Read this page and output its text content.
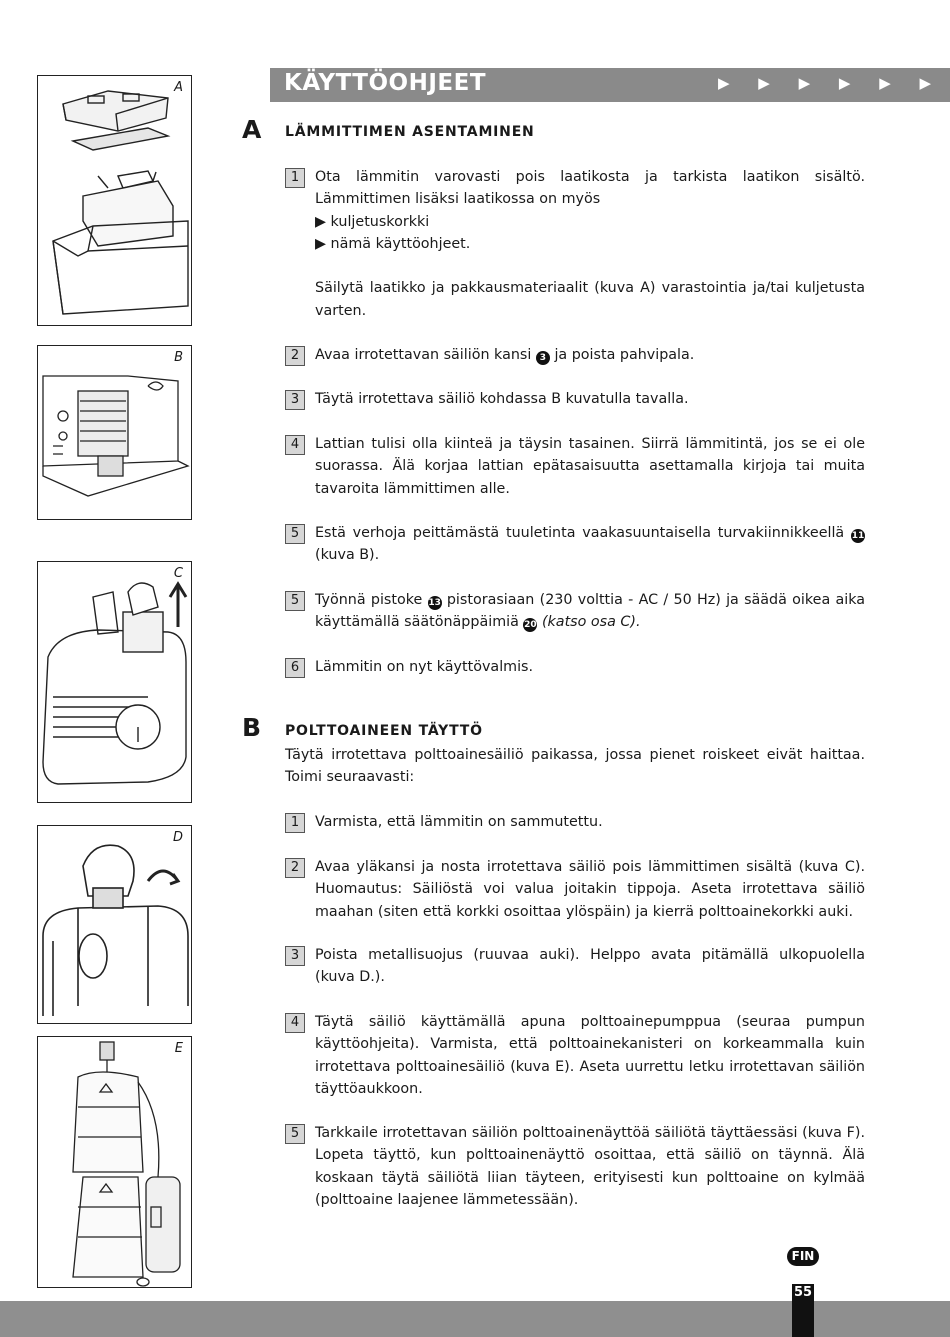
A
B
C
D
E
KÄYTTÖOHJEET	▶ ▶ ▶ ▶ ▶ ▶
A LÄMMITTIMEN ASENTAMINEN
1	Ota lämmitin varovasti pois laatikosta ja tarkista laatikon sisältö. Lämmittimen lisäksi laatikossa on myös
▶ kuljetuskorkki
▶ nämä käyttöohjeet.
Säilytä laatikko ja pakkausmateriaalit (kuva A) varastointia ja/tai kuljetusta varten.
2	Avaa irrotettavan säiliön kansi 3 ja poista pahvipala.
3	Täytä irrotettava säiliö kohdassa B kuvatulla tavalla.
4	Lattian tulisi olla kiinteä ja täysin tasainen. Siirrä lämmitintä, jos se ei ole suorassa. Älä korjaa lattian epätasaisuutta asettamalla kirjoja tai muita tavaroita lämmittimen alle.
5	Estä verhoja peittämästä tuuletinta vaakasuuntaisella turvakiinnikkeellä 11 (kuva B).
5	Työnnä pistoke 13 pistorasiaan (230 volttia - AC / 50 Hz) ja säädä oikea aika käyttämällä säätönäppäimiä 20 (katso osa C).
6	Lämmitin on nyt käyttövalmis.
B POLTTOAINEEN TÄYTTÖ
Täytä irrotettava polttoainesäiliö paikassa, jossa pienet roiskeet eivät haittaa. Toimi seuraavasti:
1	Varmista, että lämmitin on sammutettu.
2	Avaa yläkansi ja nosta irrotettava säiliö pois lämmittimen sisältä (kuva C). Huomautus: Säiliöstä voi valua joitakin tippoja. Aseta irrotettava säiliö maahan (siten että korkki osoittaa ylöspäin) ja kierrä polttoainekorkki auki.
3	Poista metallisuojus (ruuvaa auki). Helppo avata pitämällä ulkopuolella (kuva D.).
4	Täytä säiliö käyttämällä apuna polttoainepumppua (seuraa pumpun käyttöohjeita). Varmista, että polttoainekanisteri on korkeammalla kuin irrotettava polttoainesäiliö (kuva E). Aseta uurrettu letku irrotettavan säiliön täyttöaukkoon.
5	Tarkkaile irrotettavan säiliön polttoainenäyttöä säiliötä täyttäessäsi (kuva F). Lopeta täyttö, kun polttoainenäyttö osoittaa, että säiliö on täynnä. Älä koskaan täytä säiliötä liian täyteen, erityisesti kun polttoaine on kylmää (polttoaine laajenee lämmetessään).
FIN
55
